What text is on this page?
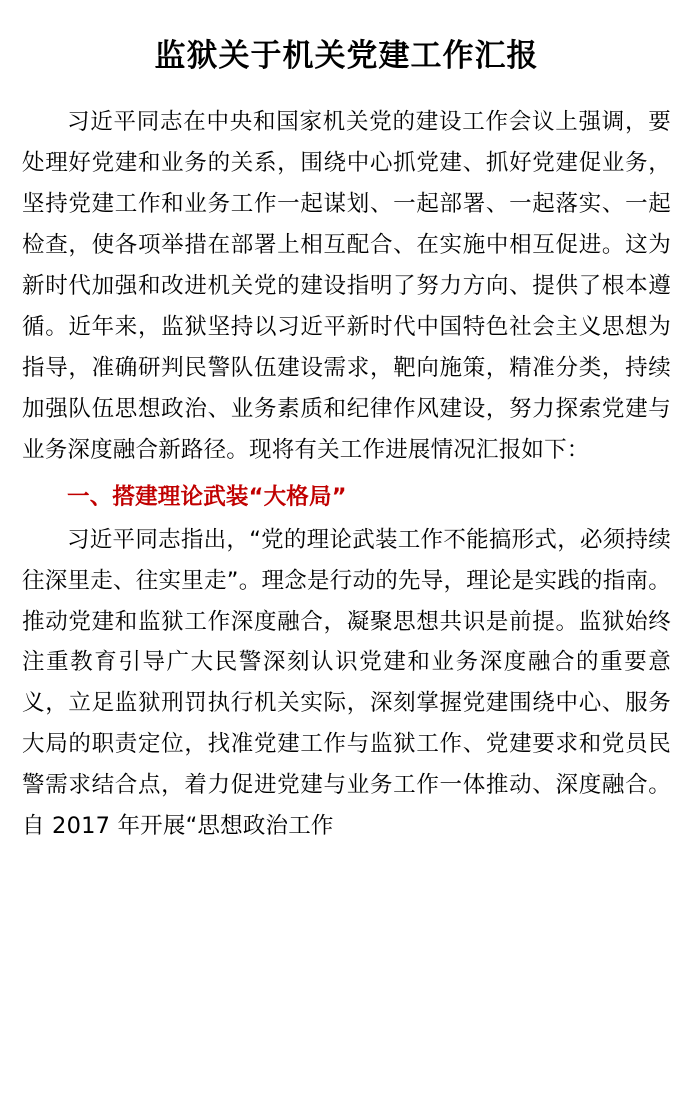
监狱关于机关党建工作汇报

习近平同志在中央和国家机关党的建设工作会议上强调，要处理好党建和业务的关系，围绕中心抓党建、抓好党建促业务，坚持党建工作和业务工作一起谋划、一起部署、一起落实、一起检查，使各项举措在部署上相互配合、在实施中相互促进。这为新时代加强和改进机关党的建设指明了努力方向、提供了根本遵循。近年来，监狱坚持以习近平新时代中国特色社会主义思想为指导，准确研判民警队伍建设需求，靶向施策，精准分类，持续加强队伍思想政治、业务素质和纪律作风建设，努力探索党建与业务深度融合新路径。现将有关工作进展情况汇报如下：

一、搭建理论武装“大格局”

习近平同志指出，“党的理论武装工作不能搞形式，必须持续往深里走、往实里走”。理念是行动的先导，理论是实践的指南。推动党建和监狱工作深度融合，凝聚思想共识是前提。监狱始终注重教育引导广大民警深刻认识党建和业务深度融合的重要意义，立足监狱刑罚执行机关实际，深刻掌握党建围绕中心、服务大局的职责定位，找准党建工作与监狱工作、党建要求和党员民警需求结合点，着力促进党建与业务工作一体推动、深度融合。自 2017 年开展“思想政治工作
